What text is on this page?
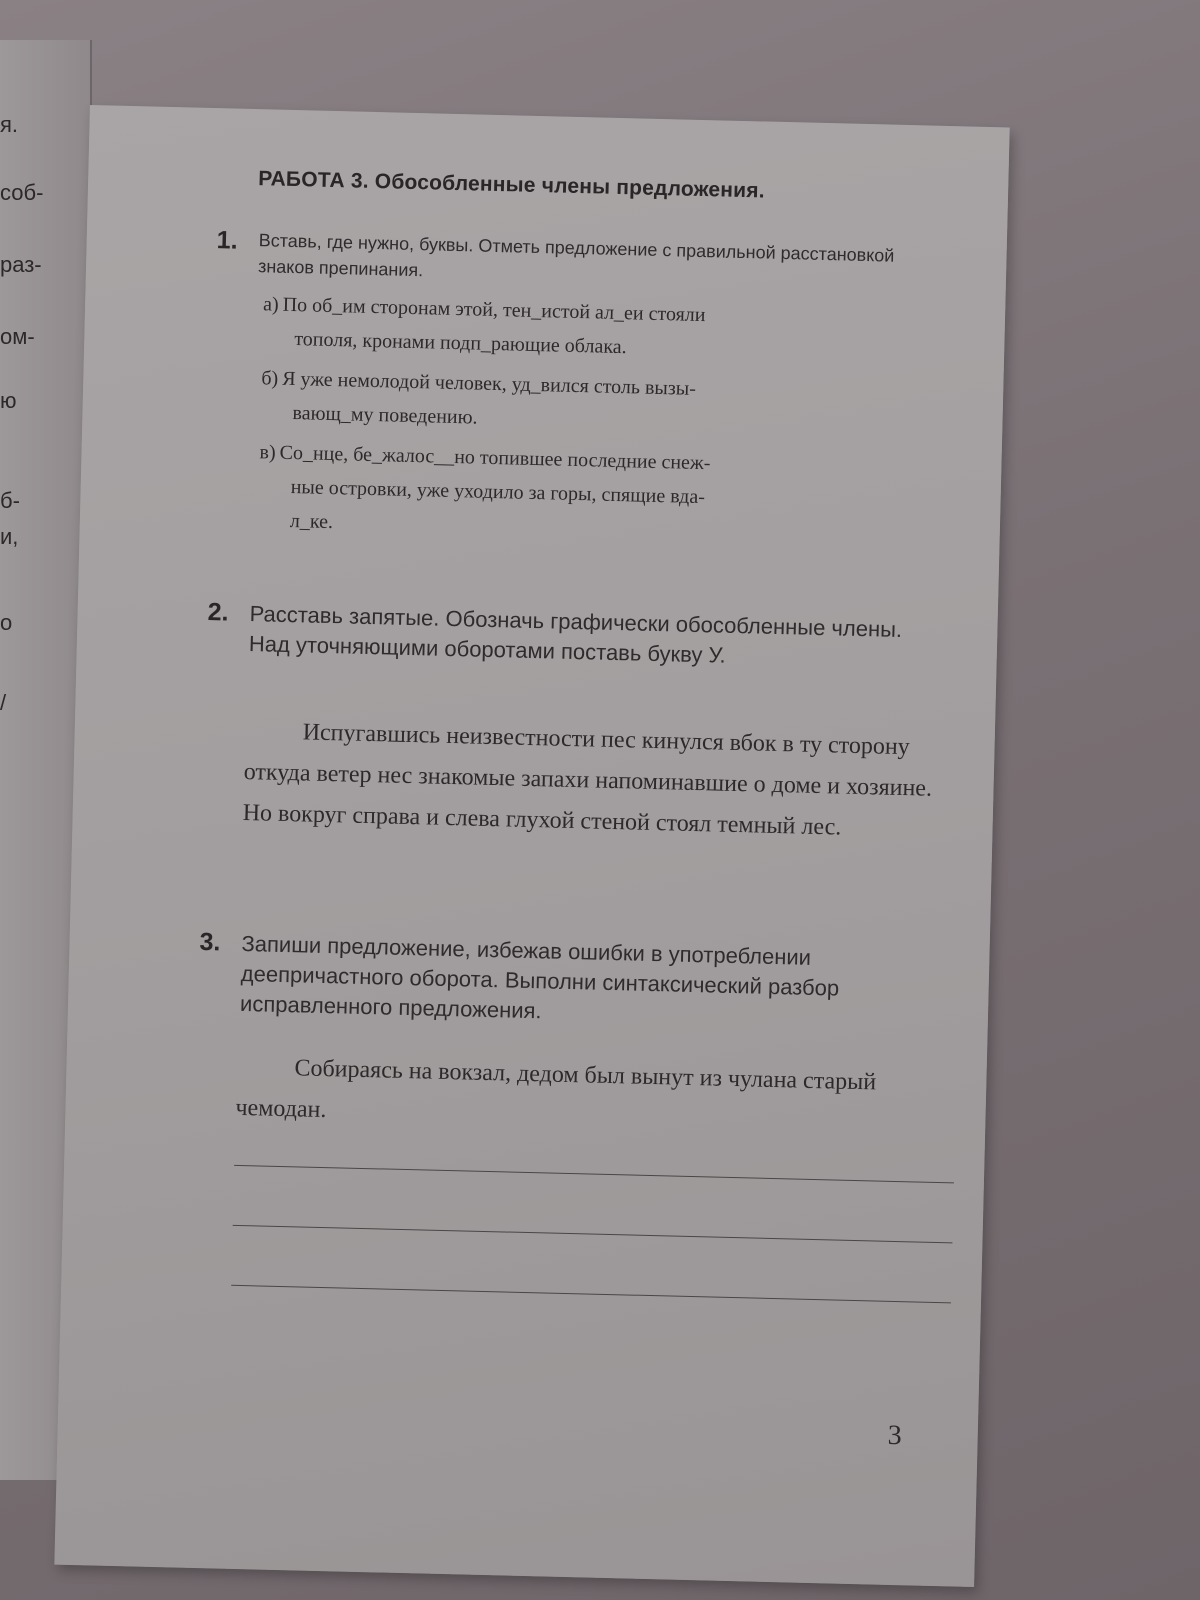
я.
соб-
раз-
ом-
ю
б-
и,
о
/
РАБОТА 3. Обособленные члены предложения.
1. Вставь, где нужно, буквы. Отметь предложение с правильной расстановкой знаков препинания.

а) По об_им сторонам этой, тен_истой ал_еи стояли
тополя, кронами подп_рающие облака.

б) Я уже немолодой человек, уд_вился столь вызы-
вающ_му поведению.

в) Со_нце, бе_жалос__но топившее последние снеж-
ные островки, уже уходило за горы, спящие вда-
л_ке.

2. Расставь запятые. Обозначь графически обособленные члены. Над уточняющими оборотами поставь букву У.

Испугавшись неизвестности пес кинулся вбок в ту сторону откуда ветер нес знакомые запахи напоминавшие о доме и хозяине. Но вокруг справа и слева глухой стеной стоял темный лес.

3. Запиши предложение, избежав ошибки в употреблении деепричастного оборота. Выполни синтаксический разбор исправленного предложения.

Собираясь на вокзал, дедом был вынут из чулана старый чемодан.

3
